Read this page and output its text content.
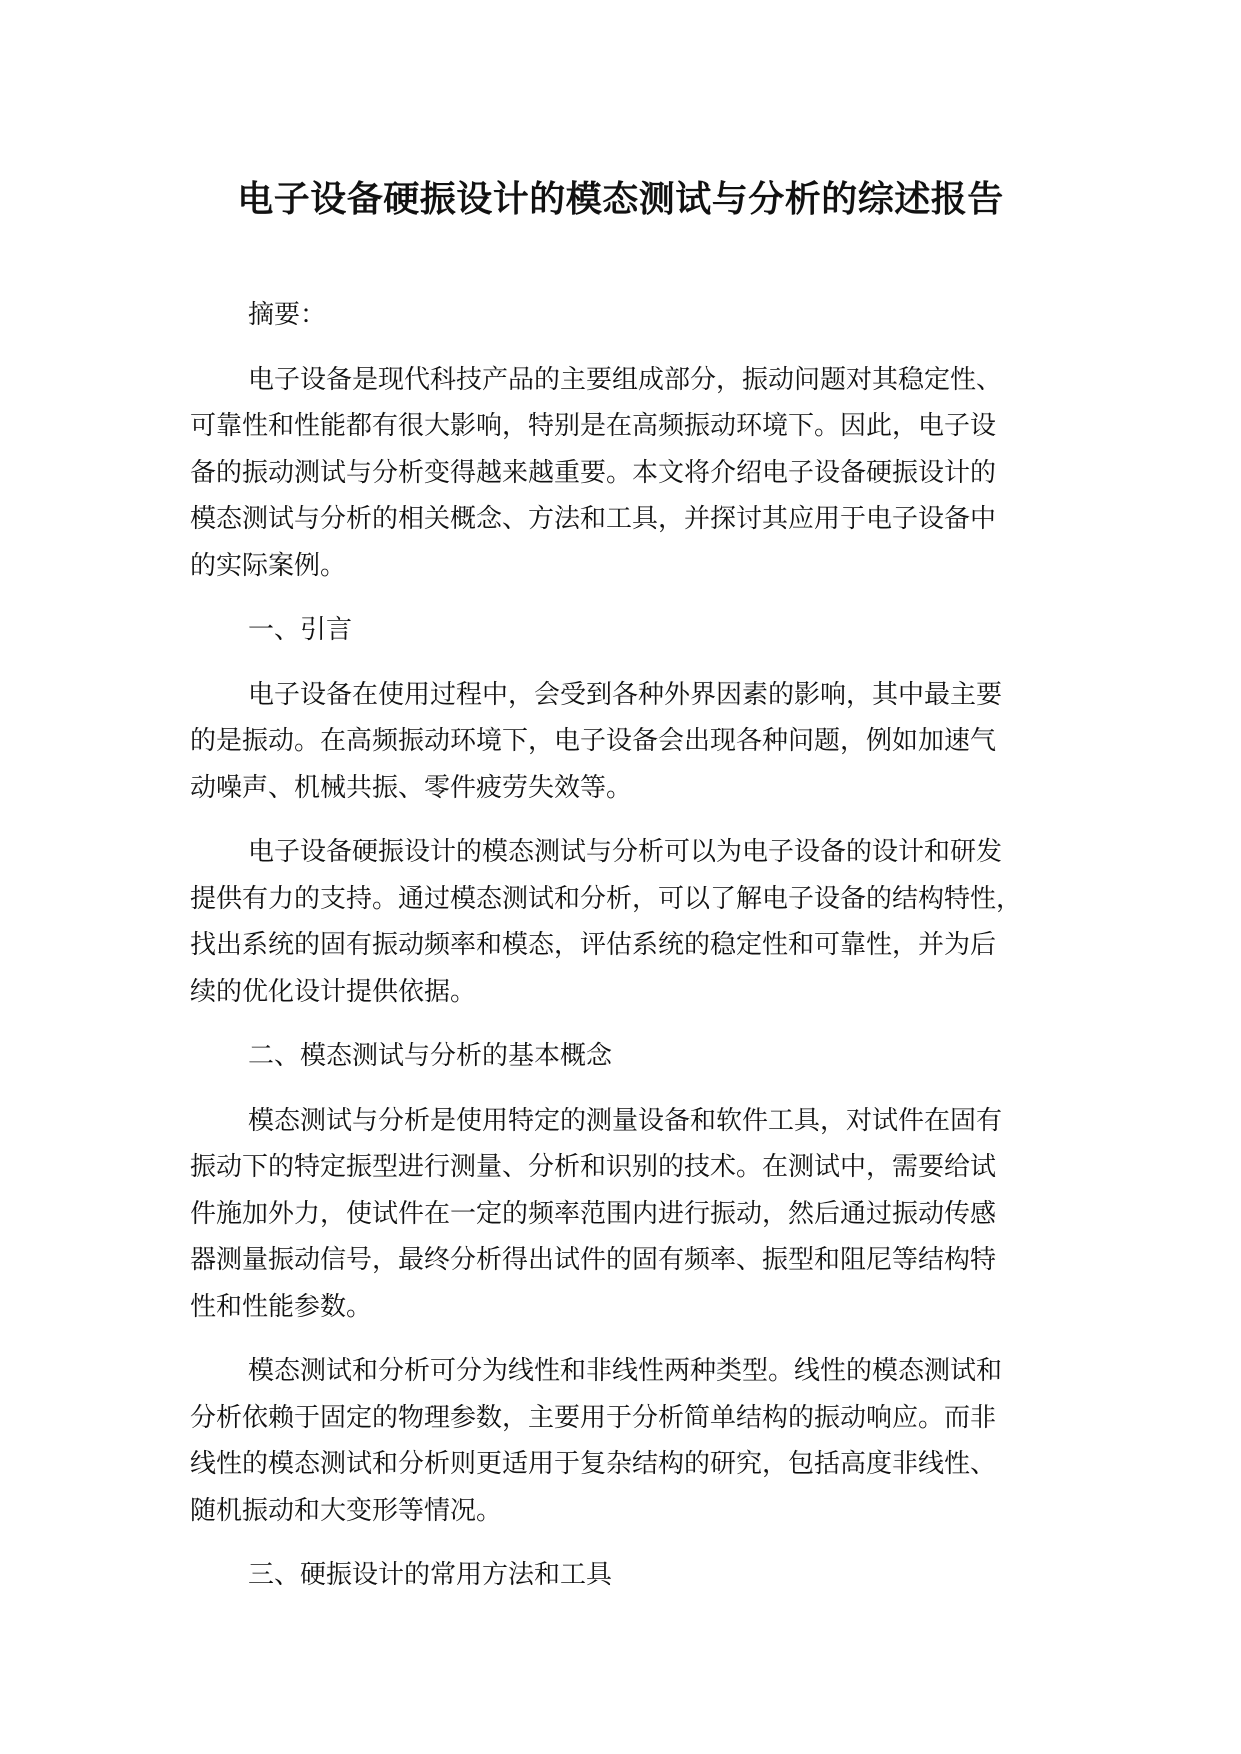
电子设备硬振设计的模态测试与分析的综述报告

摘要：

电子设备是现代科技产品的主要组成部分，振动问题对其稳定性、
可靠性和性能都有很大影响，特别是在高频振动环境下。因此，电子设
备的振动测试与分析变得越来越重要。本文将介绍电子设备硬振设计的
模态测试与分析的相关概念、方法和工具，并探讨其应用于电子设备中
的实际案例。

一、引言

电子设备在使用过程中，会受到各种外界因素的影响，其中最主要
的是振动。在高频振动环境下，电子设备会出现各种问题，例如加速气
动噪声、机械共振、零件疲劳失效等。

电子设备硬振设计的模态测试与分析可以为电子设备的设计和研发
提供有力的支持。通过模态测试和分析，可以了解电子设备的结构特性，
找出系统的固有振动频率和模态，评估系统的稳定性和可靠性，并为后
续的优化设计提供依据。

二、模态测试与分析的基本概念

模态测试与分析是使用特定的测量设备和软件工具，对试件在固有
振动下的特定振型进行测量、分析和识别的技术。在测试中，需要给试
件施加外力，使试件在一定的频率范围内进行振动，然后通过振动传感
器测量振动信号，最终分析得出试件的固有频率、振型和阻尼等结构特
性和性能参数。

模态测试和分析可分为线性和非线性两种类型。线性的模态测试和
分析依赖于固定的物理参数，主要用于分析简单结构的振动响应。而非
线性的模态测试和分析则更适用于复杂结构的研究，包括高度非线性、
随机振动和大变形等情况。

三、硬振设计的常用方法和工具
